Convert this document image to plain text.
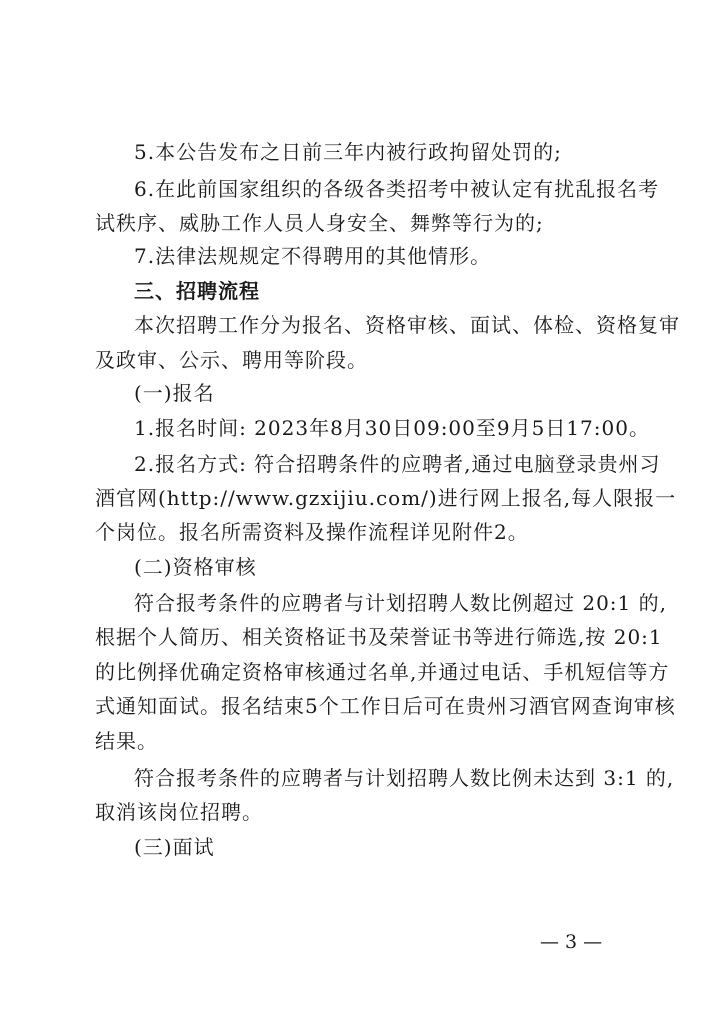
5.本公告发布之日前三年内被行政拘留处罚的;
6.在此前国家组织的各级各类招考中被认定有扰乱报名考
试秩序、威胁工作人员人身安全、舞弊等行为的;
7.法律法规规定不得聘用的其他情形。
三、招聘流程
本次招聘工作分为报名、资格审核、面试、体检、资格复审
及政审、公示、聘用等阶段。
(一)报名
1.报名时间: 2023年8月30日09:00至9月5日17:00。
2.报名方式: 符合招聘条件的应聘者,通过电脑登录贵州习
酒官网(http://www.gzxijiu.com/)进行网上报名,每人限报一
个岗位。报名所需资料及操作流程详见附件2。
(二)资格审核
符合报考条件的应聘者与计划招聘人数比例超过 20:1 的,
根据个人简历、相关资格证书及荣誉证书等进行筛选,按 20:1
的比例择优确定资格审核通过名单,并通过电话、手机短信等方
式通知面试。报名结束5个工作日后可在贵州习酒官网查询审核
结果。
符合报考条件的应聘者与计划招聘人数比例未达到 3:1 的,
取消该岗位招聘。
(三)面试
— 3 —
